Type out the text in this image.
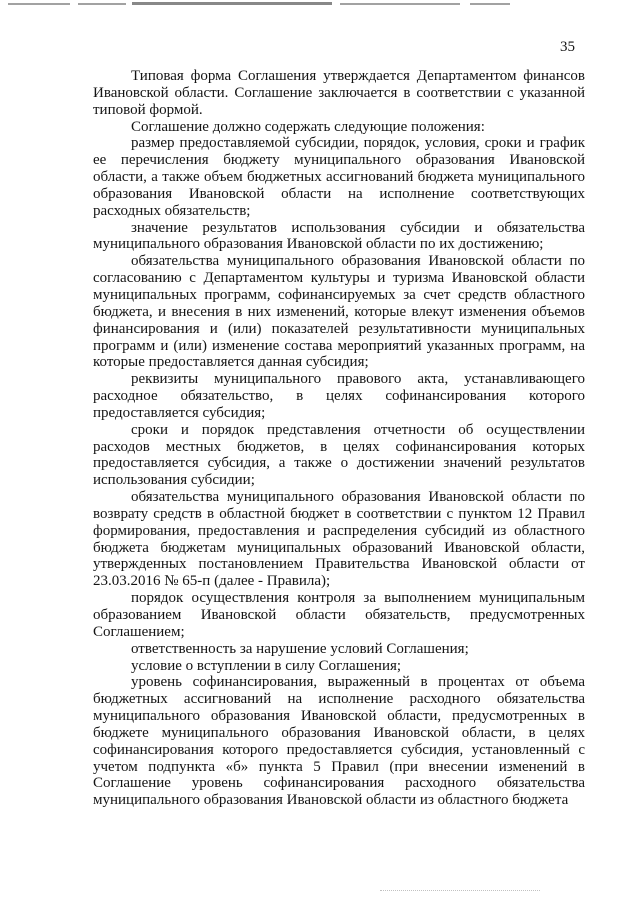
35

Типовая форма Соглашения утверждается Департаментом финансов Ивановской области. Соглашение заключается в соответствии с указанной типовой формой.

Соглашение должно содержать следующие положения:

размер предоставляемой субсидии, порядок, условия, сроки и график ее перечисления бюджету муниципального образования Ивановской области, а также объем бюджетных ассигнований бюджета муниципального образования Ивановской области на исполнение соответствующих расходных обязательств;

значение результатов использования субсидии и обязательства муниципального образования Ивановской области по их достижению;

обязательства муниципального образования Ивановской области по согласованию с Департаментом культуры и туризма Ивановской области муниципальных программ, софинансируемых за счет средств областного бюджета, и внесения в них изменений, которые влекут изменения объемов финансирования и (или) показателей результативности муниципальных программ и (или) изменение состава мероприятий указанных программ, на которые предоставляется данная субсидия;

реквизиты муниципального правового акта, устанавливающего расходное обязательство, в целях софинансирования которого предоставляется субсидия;

сроки и порядок представления отчетности об осуществлении расходов местных бюджетов, в целях софинансирования которых предоставляется субсидия, а также о достижении значений результатов использования субсидии;

обязательства муниципального образования Ивановской области по возврату средств в областной бюджет в соответствии с пунктом 12 Правил формирования, предоставления и распределения субсидий из областного бюджета бюджетам муниципальных образований Ивановской области, утвержденных постановлением Правительства Ивановской области от 23.03.2016 № 65-п (далее - Правила);

порядок осуществления контроля за выполнением муниципальным образованием Ивановской области обязательств, предусмотренных Соглашением;

ответственность за нарушение условий Соглашения;

условие о вступлении в силу Соглашения;

уровень софинансирования, выраженный в процентах от объема бюджетных ассигнований на исполнение расходного обязательства муниципального образования Ивановской области, предусмотренных в бюджете муниципального образования Ивановской области, в целях софинансирования которого предоставляется субсидия, установленный с учетом подпункта «б» пункта 5 Правил (при внесении изменений в Соглашение уровень софинансирования расходного обязательства муниципального образования Ивановской области из областного бюджета
